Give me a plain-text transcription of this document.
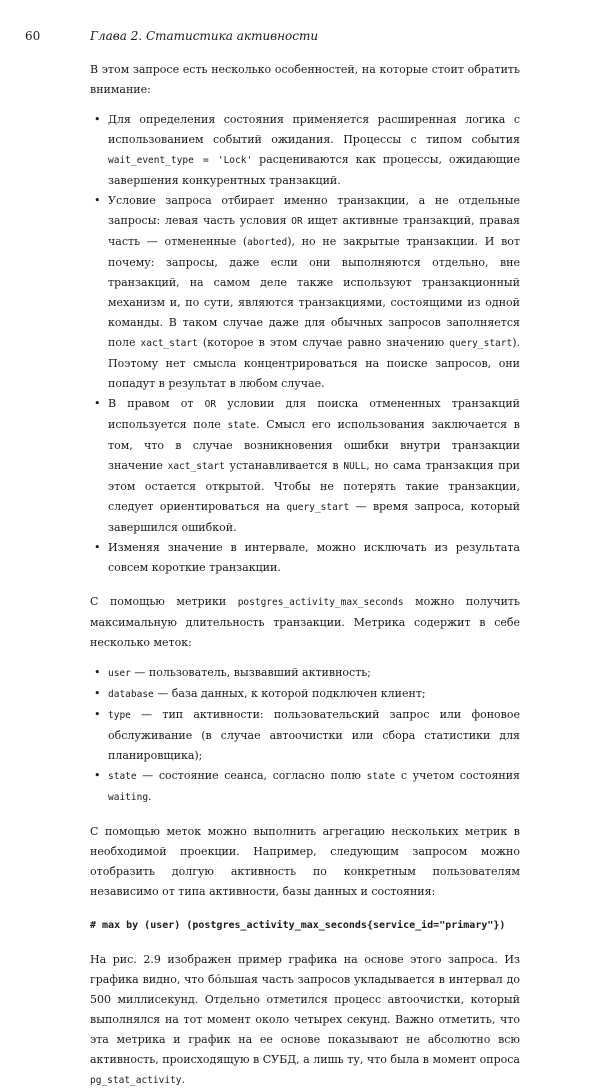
60	Глава 2. Статистика активности

В этом запросе есть несколько особенностей, на которые стоит обратить внимание:

• Для определения состояния применяется расширенная логика с использованием событий ожидания. Процессы с типом события wait_event_type = 'Lock' расцениваются как процессы, ожидающие завершения конкурентных транзакций.
• Условие запроса отбирает именно транзакции, а не отдельные запросы: левая часть условия OR ищет активные транзакций, правая часть — отмененные (aborted), но не закрытые транзакции. И вот почему: запросы, даже если они выполняются отдельно, вне транзакций, на самом деле также используют транзакционный механизм и, по сути, являются транзакциями, состоящими из одной команды. В таком случае даже для обычных запросов заполняется поле xact_start (которое в этом случае равно значению query_start). Поэтому нет смысла концентрироваться на поиске запросов, они попадут в результат в любом случае.
• В правом от OR условии для поиска отмененных транзакций используется поле state. Смысл его использования заключается в том, что в случае возникновения ошибки внутри транзакции значение xact_start устанавливается в NULL, но сама транзакция при этом остается открытой. Чтобы не потерять такие транзакции, следует ориентироваться на query_start — время запроса, который завершился ошибкой.
• Изменяя значение в интервале, можно исключать из результата совсем короткие транзакции.

С помощью метрики postgres_activity_max_seconds можно получить максимальную длительность транзакции. Метрика содержит в себе несколько меток:

• user — пользователь, вызвавший активность;
• database — база данных, к которой подключен клиент;
• type — тип активности: пользовательский запрос или фоновое обслуживание (в случае автоочистки или сбора статистики для планировщика);
• state — состояние сеанса, согласно полю state с учетом состояния waiting.

С помощью меток можно выполнить агрегацию нескольких метрик в необходимой проекции. Например, следующим запросом можно отобразить долгую активность по конкретным пользователям независимо от типа активности, базы данных и состояния:

# max by (user) (postgres_activity_max_seconds{service_id="primary"})

На рис. 2.9 изображен пример графика на основе этого запроса. Из графика видно, что бо́льшая часть запросов укладывается в интервал до 500 миллисекунд. Отдельно отметился процесс автоочистки, который выполнялся на тот момент около четырех секунд. Важно отметить, что эта метрика и график на ее основе показывают не абсолютно всю активность, происходящую в СУБД, а лишь ту, что была в момент опроса pg_stat_activity.
